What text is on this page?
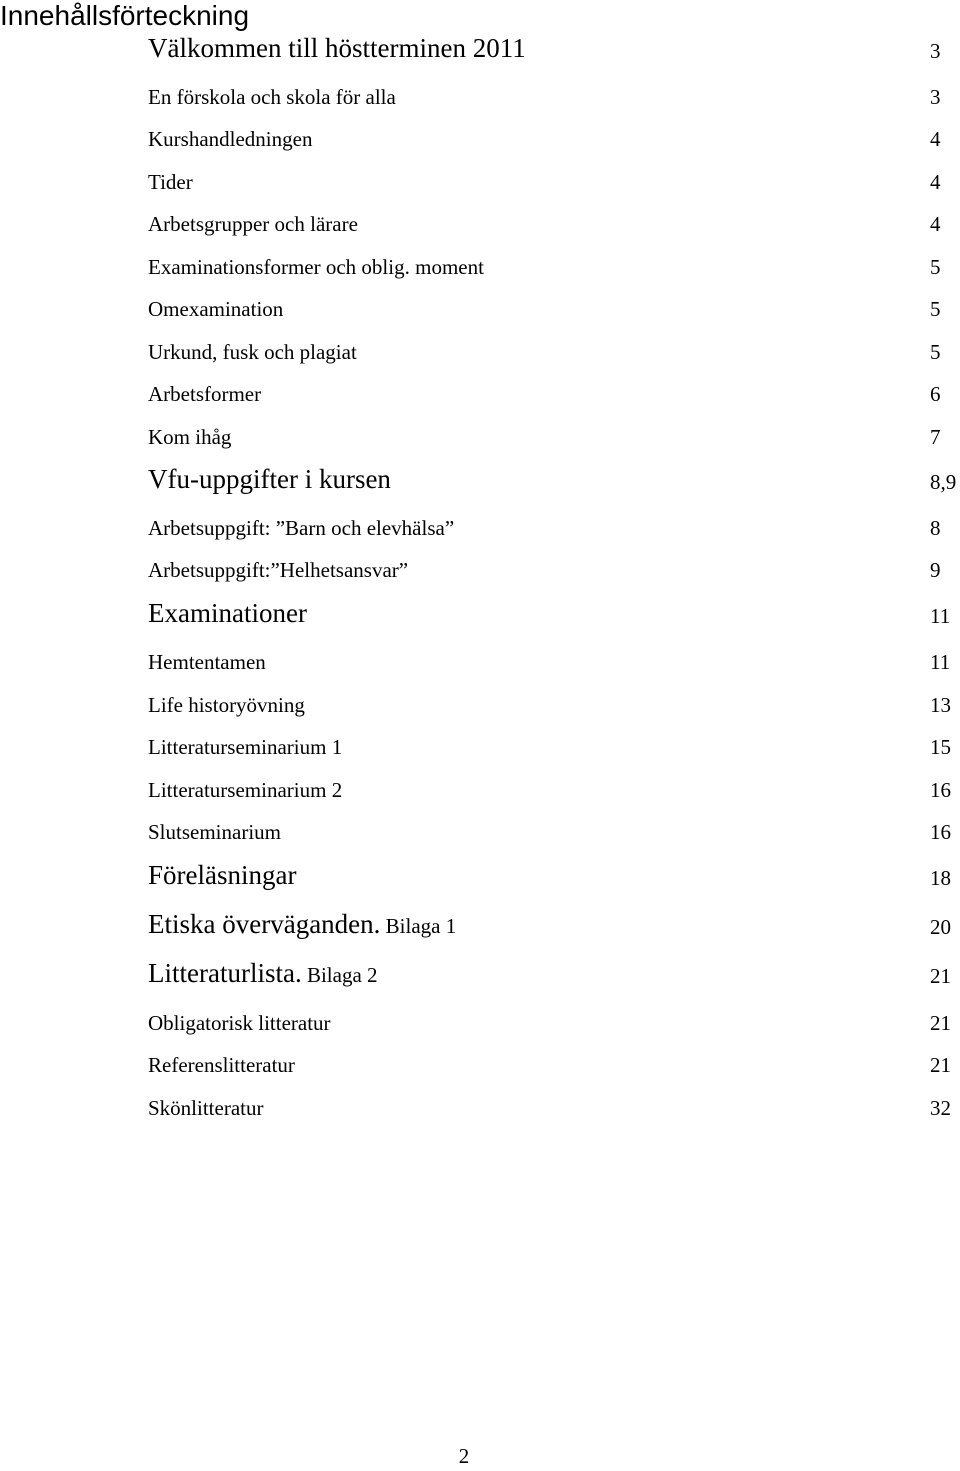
Innehållsförteckning
Välkommen till höstterminen 2011	3
En förskola och skola för alla	3
Kurshandledningen	4
Tider	4
Arbetsgrupper och lärare	4
Examinationsformer och oblig. moment	5
Omexamination	5
Urkund, fusk och plagiat	5
Arbetsformer	6
Kom ihåg	7
Vfu-uppgifter i kursen	8,9
Arbetsuppgift: ”Barn och elevhälsa”	8
Arbetsuppgift:”Helhetsansvar”	9
Examinationer	11
Hemtentamen	11
Life historyövning	13
Litteraturseminarium 1	15
Litteraturseminarium 2	16
Slutseminarium	16
Föreläsningar	18
Etiska överväganden. Bilaga 1	20
Litteraturlista. Bilaga 2	21
Obligatorisk litteratur	21
Referenslitteratur	21
Skönlitteratur	32
2
